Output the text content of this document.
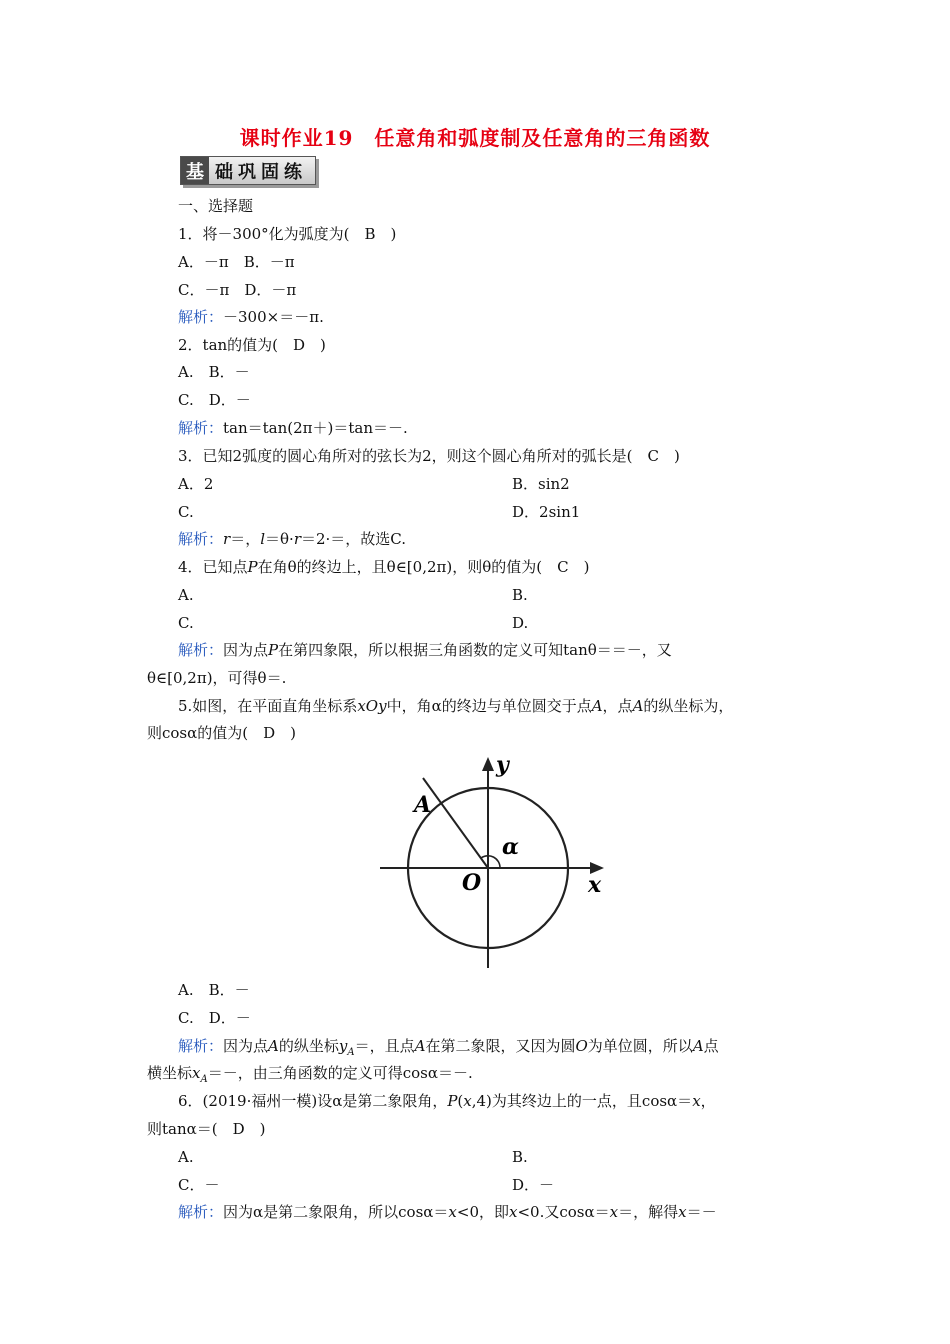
课时作业19　任意角和弧度制及任意角的三角函数
基 础巩固练
一、选择题
1．将－300°化为弧度为(　B　)
A．－π　B．－π
C．－π　D．－π
解析：－300×＝－π.
2．tan的值为(　D　)
A.　B．－
C.　D．－
解析：tan＝tan(2π＋)＝tan＝－.
3．已知2弧度的圆心角所对的弦长为2，则这个圆心角所对的弧长是(　C　)
A．2	B．sin2
C.	D．2sin1
解析：r＝，l＝θ·r＝2·＝，故选C.
4．已知点P在角θ的终边上，且θ∈[0,2π)，则θ的值为(　C　)
A.	B.
C.	D.
解析：因为点P在第四象限，所以根据三角函数的定义可知tanθ＝＝－，又
θ∈[0,2π)，可得θ＝.
5.如图，在平面直角坐标系xOy中，角α的终边与单位圆交于点A，点A的纵坐标为，
则cosα的值为(　D　)
y
x
O
A
α
A.　B．－
C.　D．－
解析：因为点A的纵坐标$y_A=$，且点A在第二象限，又因为圆O为单位圆，所以A点
横坐标$x_A=-$，由三角函数的定义可得cosα＝－.
6．(2019·福州一模)设α是第二象限角，P(x,4)为其终边上的一点，且cosα＝x，
则tanα＝(　D　)
A.	B.
C．－	D．－
解析：因为α是第二象限角，所以cosα＝x<0，即x<0.又cosα＝x＝，解得x＝－
